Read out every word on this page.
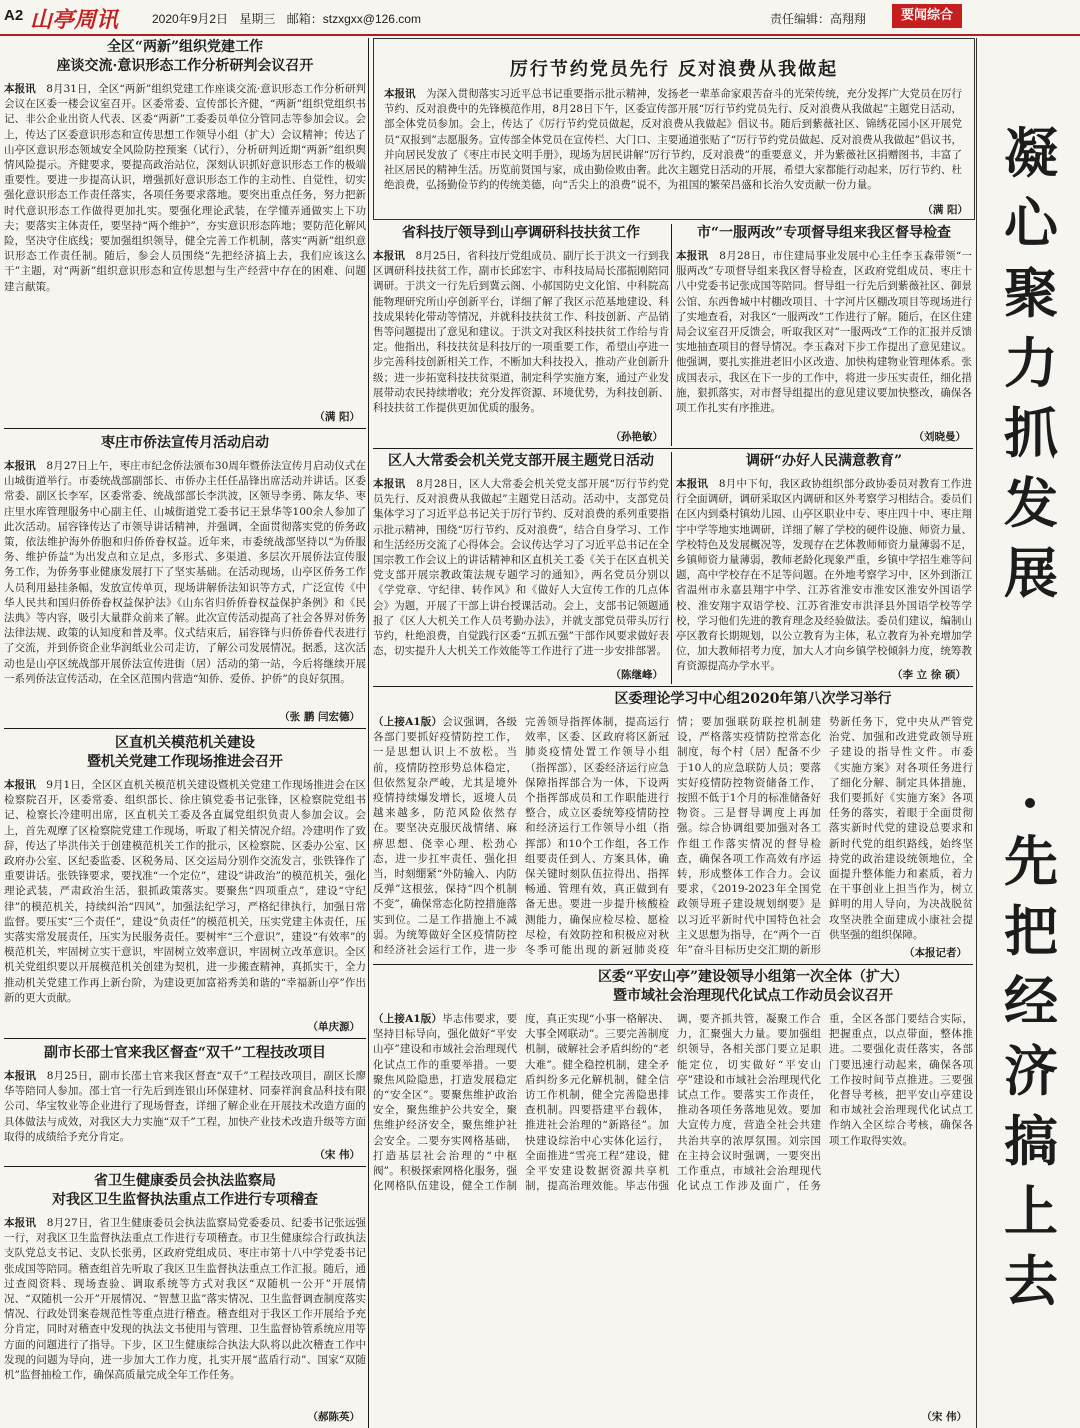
A2 山亭周讯	2020年9月2日 星期三 邮箱：stzxgxx@126.com	责任编辑：高翔翔	要闻综合
厉行节约党员先行 反对浪费从我做起
本报讯　 为深入贯彻落实习近平总书记重要指示批示精神，发扬老一辈革命家艰苦奋斗的光荣传统，充分发挥广大党员在厉行节约、反对浪费中的先锋模范作用，8月28日下午，区委宣传部开展“厉行节约党员先行、反对浪费从我做起”主题党日活动，部全体党员参加。会上，传达了《厉行节约党员做起，反对浪费从我做起》倡议书。随后到紫薇社区、锦绣花园小区开展党员“双报到”志愿服务。宣传部全体党员在宣传栏、大门口、主要通道张贴了“厉行节约党员做起、反对浪费从我做起”倡议书，并向居民发放了《枣庄市民文明手册》，现场为居民讲解“厉行节约，反对浪费”的重要意义，并为紫薇社区捐赠图书，丰富了社区居民的精神生活。历览前贤国与家，成由勤俭败由奢。此次主题党日活动的开展，希望大家都能行动起来，厉行节约、杜绝浪费，弘扬勤俭节约的传统美德，向“舌尖上的浪费”说不，为祖国的繁荣昌盛和长治久安贡献一份力量。
（满 阳）
凝心聚力抓发展
先把经济搞上去
全区“两新”组织党建工作
座谈交流·意识形态工作分析研判会议召开
本报讯　 8月31日，全区“两新”组织党建工作座谈交流·意识形态工作分析研判会议在区委一楼会议室召开。区委常委、宣传部长齐健，“两新”组织党组织书记、非公企业出资人代表、区委“两新”工委委员单位分管同志等参加会议。会上，传达了区委意识形态和宣传思想工作领导小组（扩大）会议精神；传达了山亭区意识形态领域安全风险防控预案（试行），分析研判近期“两新”组织舆情风险提示。齐健要求，要提高政治站位，深刻认识抓好意识形态工作的极端重要性。要进一步提高认识，增强抓好意识形态工作的主动性、自觉性，切实强化意识形态工作责任落实，各项任务要求落地。要突出重点任务，努力把新时代意识形态工作做得更加扎实。要强化理论武装，在学懂弄通做实上下功夫；要落实主体责任，要坚持“两个维护”，夯实意识形态阵地；要防范化解风险，坚决守住底线；要加强组织领导，健全完善工作机制，落实“两新”组织意识形态工作责任制。随后，参会人员围绕“先把经济搞上去，我们应该这么干”主题，对“两新”组织意识形态和宣传思想与生产经营中存在的困难、问题建言献策。
（满 阳）
枣庄市侨法宣传月活动启动
本报讯　 8月27日上午，枣庄市纪念侨法颁布30周年暨侨法宣传月启动仪式在山城街道举行。市委统战部副部长、市侨办主任任晶锋出席活动并讲话。区委常委、副区长李军，区委常委、统战部部长李洪波，区领导李勇、陈友华、枣庄里水库管理服务中心副主任、山城街道党工委书记王景华等100余人参加了此次活动。届容锋传达了市领导讲话精神，并强调，全面贯彻落实党的侨务政策，依法维护海外侨胞和归侨侨眷权益。近年来，市委统战部坚持以“为侨服务、维护侨益”为出发点和立足点，多形式、多渠道、多层次开展侨法宣传服务工作，为侨务事业健康发展打下了坚实基础。在活动现场，山亭区侨务工作人员利用悬挂条幅，发放宣传单页，现场讲解侨法知识等方式，广泛宣传《中华人民共和国归侨侨眷权益保护法》《山东省归侨侨眷权益保护条例》和《民法典》等内容，吸引大量群众前来了解。此次宣传活动提高了社会各界对侨务法律法规、政策的认知度和普及率。仪式结束后，届容锋与归侨侨眷代表进行了交流，并到侨资企业华润纸业公司走访，了解公司发展情况。据悉，这次活动也是山亭区统战部开展侨法宣传进街（居）活动的第一站，今后将继续开展一系列侨法宣传活动，在全区范围内营造“知侨、爱侨、护侨”的良好氛围。
（张 鹏 闫宏德）
区直机关模范机关建设
暨机关党建工作现场推进会召开
本报讯　 9月1日，全区区直机关模范机关建设暨机关党建工作现场推进会在区检察院召开，区委常委、组织部长、徐庄镇党委书记张锋，区检察院党组书记、检察长冷建明出席，区直机关工委及各直属党组织负责人参加会议。会上，首先观摩了区检察院党建工作现场，听取了相关情况介绍。冷建明作了致辞，传达了毕洪伟关于创建模范机关工作的批示，区检察院、区委办公室、区政府办公室、区纪委监委、区税务局、区交运局分别作交流发言，张铁锋作了重要讲话。张铁锋要求，要找准“一个定位”，建设“讲政治”的模范机关，强化理论武装，严肃政治生活，狠抓政策落实。要聚焦“四项重点”，建设“守纪律”的模范机关，持续纠治“四风”，加强法纪学习，严格纪律执行，加强日常监督。要压实“三个责任”，建设“负责任”的模范机关，压实党建主体责任，压实落实常发展责任，压实为民服务责任。要树牢“三个意识”，建设“有效率”的模范机关，牢固树立实干意识，牢固树立效率意识，牢固树立改革意识。全区机关党组织要以开展模范机关创建为契机，进一步搬查精神，真抓实干，全力推动机关党建工作再上新台阶，为建设更加富裕秀美和谐的“幸福新山亭”作出新的更大贡献。
（单庆源）
副市长邵士官来我区督查“双千”工程技改项目
本报讯　 8月25日，副市长邵士官来我区督查“双千”工程技改项目，副区长廖华等陪同人参加。邵士官一行先后到连银山环保建材、同泰祥润食品科技有限公司、华宝牧业等企业进行了现场督查，详细了解企业在开展技术改造方面的具体做法与成效，对我区大力实施“双千”工程，加快产业技术改造升级等方面取得的成绩给予充分肯定。
（宋 伟）
省卫生健康委员会执法监察局
对我区卫生监督执法重点工作进行专项稽查
本报讯　 8月27日，省卫生健康委员会执法监察局党委委员、纪委书记张远强一行，对我区卫生监督执法重点工作进行专项稽查。市卫生健康综合行政执法支队党总支书记、支队长张勇，区政府党组成员、枣庄市第十八中学党委书记张成国等陪同。稽查组首先听取了我区卫生监督执法重点工作汇报。随后，通过查阅资料、现场查验、调取系统等方式对我区“双随机一公开”开展情况、“双随机一公开”开展情况、“智慧卫监”落实情况、卫生监督调查制度落实情况、行政处罚案卷规范性等重点进行稽查。稽查组对于我区工作开展给予充分肯定，同时对稽查中发现的执法文书使用与管理、卫生监督协管系统应用等方面的问题进行了指导。下步，区卫生健康综合执法大队将以此次稽查工作中发现的问题为导向，进一步加大工作力度，扎实开展“蓝盾行动”、国家“双随机”监督抽检工作，确保高质量完成全年工作任务。
（郝陈英）
省科技厅领导到山亭调研科技扶贫工作
本报讯　 8月25日，省科技厅党组成员、副厅长于洪文一行到我区调研科技扶贫工作，副市长邱宏宇、市科技局局长邵振刚陪同调研。于洪文一行先后到冀云阁、小郝国防史文化馆、中科院高能物理研究所山亭创新平台，详细了解了我区示范基地建设、科技成果转化带动等情况，并就科技扶贫工作、科技创新、产品销售等问题提出了意见和建议。于洪文对我区科技扶贫工作给与肯定。他指出，科技扶贫是科技厅的一项重要工作，希望山亭进一步完善科技创新相关工作，不断加大科技投入，推动产业创新升级；进一步拓宽科技扶贫渠道，制定科学实施方案，通过产业发展带动农民持续增收；充分发挥资源、环境优势，为科技创新、科技扶贫工作提供更加优质的服务。
（孙艳敏）
市“一服两改”专项督导组来我区督导检查
本报讯　 8月28日，市住建局事业发展中心主任李玉森带领“一服两改”专项督导组来我区督导检查，区政府党组成员、枣庄十八中党委书记张成国等陪同。督导组一行先后到紫薇社区、御景公馆、东西鲁城中村棚改项目、十字河片区棚改项目等现场进行了实地查看，对我区“一服两改”工作进行了解。随后，在区住建局会议室召开反馈会，听取我区对“一服两改”工作的汇报并反馈实地抽查项目的督导情况。李玉森对下步工作提出了意见建议。他强调，要扎实推进老旧小区改造、加快构建物业管理体系。张成国表示，我区在下一步的工作中，将进一步压实责任，细化措施，狠抓落实，对市督导组提出的意见建议要加快整改，确保各项工作扎实有序推进。
（刘晓曼）
区人大常委会机关党支部开展主题党日活动
本报讯　 8月28日，区人大常委会机关党支部开展“厉行节约党员先行、反对浪费从我做起”主题党日活动。活动中，支部党员集体学习了习近平总书记关于厉行节约、反对浪费的系列重要指示批示精神，围绕“厉行节约、反对浪费”，结合自身学习、工作和生活经历交流了心得体会。会议传达学习了习近平总书记在全国宗教工作会议上的讲话精神和区直机关工委《关于在区直机关党支部开展宗教政策法规专题学习的通知》，两名党员分别以《学党章、守纪律、转作风》和《做好人大宣传工作的几点体会》为题，开展了干部上讲台授课活动。会上，支部书记领题通报了《区人大机关工作人员考勤办法》，并就支部党员带头厉行节约，杜绝浪费，自觉践行区委“五抓五强”干部作风要求做好表态，切实提升人大机关工作效能等工作进行了进一步安排部署。
（陈继峰）
调研“办好人民满意教育”
本报讯　 8月中下旬，我区政协组织部分政协委员对教育工作进行全面调研，调研采取区内调研和区外考察学习相结合。委员们在区内到桑村镇幼儿园、山亭区职业中专、枣庄四十中、枣庄翔宇中学等地实地调研，详细了解了学校的硬件设施、师资力量、学校特色及发展概况等，发现存在艺体教师师资力量薄弱不足，乡镇师资力量薄弱，教师老龄化现象严重，乡镇中学招生难等问题，高中学校存在不足等问题。在外地考察学习中，区外到浙江省温州市永嘉县翔宇中学、江苏省淮安市淮安区淮安外国语学校、淮安翔宇双语学校、江苏省淮安市洪泽县外国语学校等学校，学习他们先进的教育理念及经验做法。委员们建议，编制山亭区教育长期规划，以公立教育为主体，私立教育为补充增加学位，加大教师招考力度，加大人才向乡镇学校倾斜力度，统筹教育资源提高办学水平。
（李 立 徐 硕）
区委理论学习中心组2020年第八次学习举行
（上接A1版）会议强调，各级各部门要抓好疫情防控工作，一是思想认识上不放松。当前，疫情防控形势总体稳定，但依然复杂严峻，尤其是境外疫情持续爆发增长，返境人员越来越多，防范风险依然存在。要坚决克服厌战情绪、麻痹思想、侥幸心理、松劲心态，进一步扛牢责任、强化担当，时刻绷紧“外防输入、内防反弹”这根弦，保持“四个机制不变”，确保常态化防控措施落实到位。二是工作措施上不减弱。为统筹做好全区疫情防控和经济社会运行工作，进一步完善领导指挥体制，提高运行效率，区委、区政府将区新冠肺炎疫情处置工作领导小组（指挥部），区委经济运行应急保障指挥部合为一体，下设两个指挥部成员和工作职能进行整合，成立区委统筹疫情防控和经济运行工作领导小组（指挥部）和10个工作组，各工作组要责任到人、方案具体，确保关键时刻队伍拉得出、指挥畅通、管理有效，真正做到有备无患。要进一步提升核酸检测能力，确保应检尽检、愿检尽检，有效防控和积极应对秋冬季可能出现的新冠肺炎疫情；要加强联防联控机制建设，严格落实疫情防控常态化制度，每个村（居）配备不少于10人的应急联防人员；要落实好疫情防控物资储备工作，按照不低于1个月的标准储备好物资。三是督导调度上再加强。综合协调组要加强对各工作组工作落实情况的督导检查，确保各项工作高效有序运转，形成整体工作合力。会议要求，《2019-2023年全国党政领导班子建设规划纲要》是以习近平新时代中国特色社会主义思想为指导，在“两个一百年”奋斗目标历史交汇期的新形势新任务下，党中央从严管党治党、加强和改进党政领导班子建设的指导性文件。市委《实施方案》对各项任务进行了细化分解、制定具体措施，我们要抓好《实施方案》各项任务的落实，着眼于全面贯彻落实新时代党的建设总要求和新时代党的组织路线，始终坚持党的政治建设统领地位，全面提升整体能力和素质，着力在干事创业上担当作为，树立鲜明的用人导向，为决战脱贫攻坚决胜全面建成小康社会提供坚强的组织保障。
（本报记者）
区委“平安山亭”建设领导小组第一次全体（扩大）
暨市域社会治理现代化试点工作动员会议召开
（上接A1版）毕志伟要求，要坚持目标导向，强化做好“平安山亭”建设和市域社会治理现代化试点工作的重要举措。一要聚焦风险隐患，打造发展稳定的“安全区”。要聚焦维护政治安全，聚焦维护公共安全，聚焦维护经济安全，聚焦维护社会安全。二要夯实网格基础，打造基层社会治理的“中枢阀”。积极探索网格化服务，强化网格队伍建设，健全工作制度，真正实现“小事一格解决、大事全网联动”。三要完善制度机制，破解社会矛盾纠纷的“老大难”。健全稳控机制，建全矛盾纠纷多元化解机制，健全信访工作机制，健全完善隐患排查机制。四要搭建平台载体，推进社会治理的“新路径”。加快建设综治中心实体化运行，全面推进“雪亮工程”建设，健全平安建设数据资源共享机制，提高治理效能。毕志伟强调，要齐抓共管，凝聚工作合力，汇聚强大力量。要加强组织领导，各相关部门要立足职能定位，切实做好“平安山亭”建设和市域社会治理现代化试点工作。要落实工作责任，推动各项任务落地见效。要加大宣传力度，营造全社会共建共治共享的浓厚氛围。刘宗国在主持会议时强调，一要突出工作重点，市域社会治理现代化试点工作涉及面广，任务重，全区各部门要结合实际，把握重点，以点带面，整体推进。二要强化责任落实，各部门要迅速行动起来，确保各项工作按时间节点推进。三要强化督导考核，把平安山亭建设和市域社会治理现代化试点工作纳入全区综合考核，确保各项工作取得实效。
（宋 伟）
